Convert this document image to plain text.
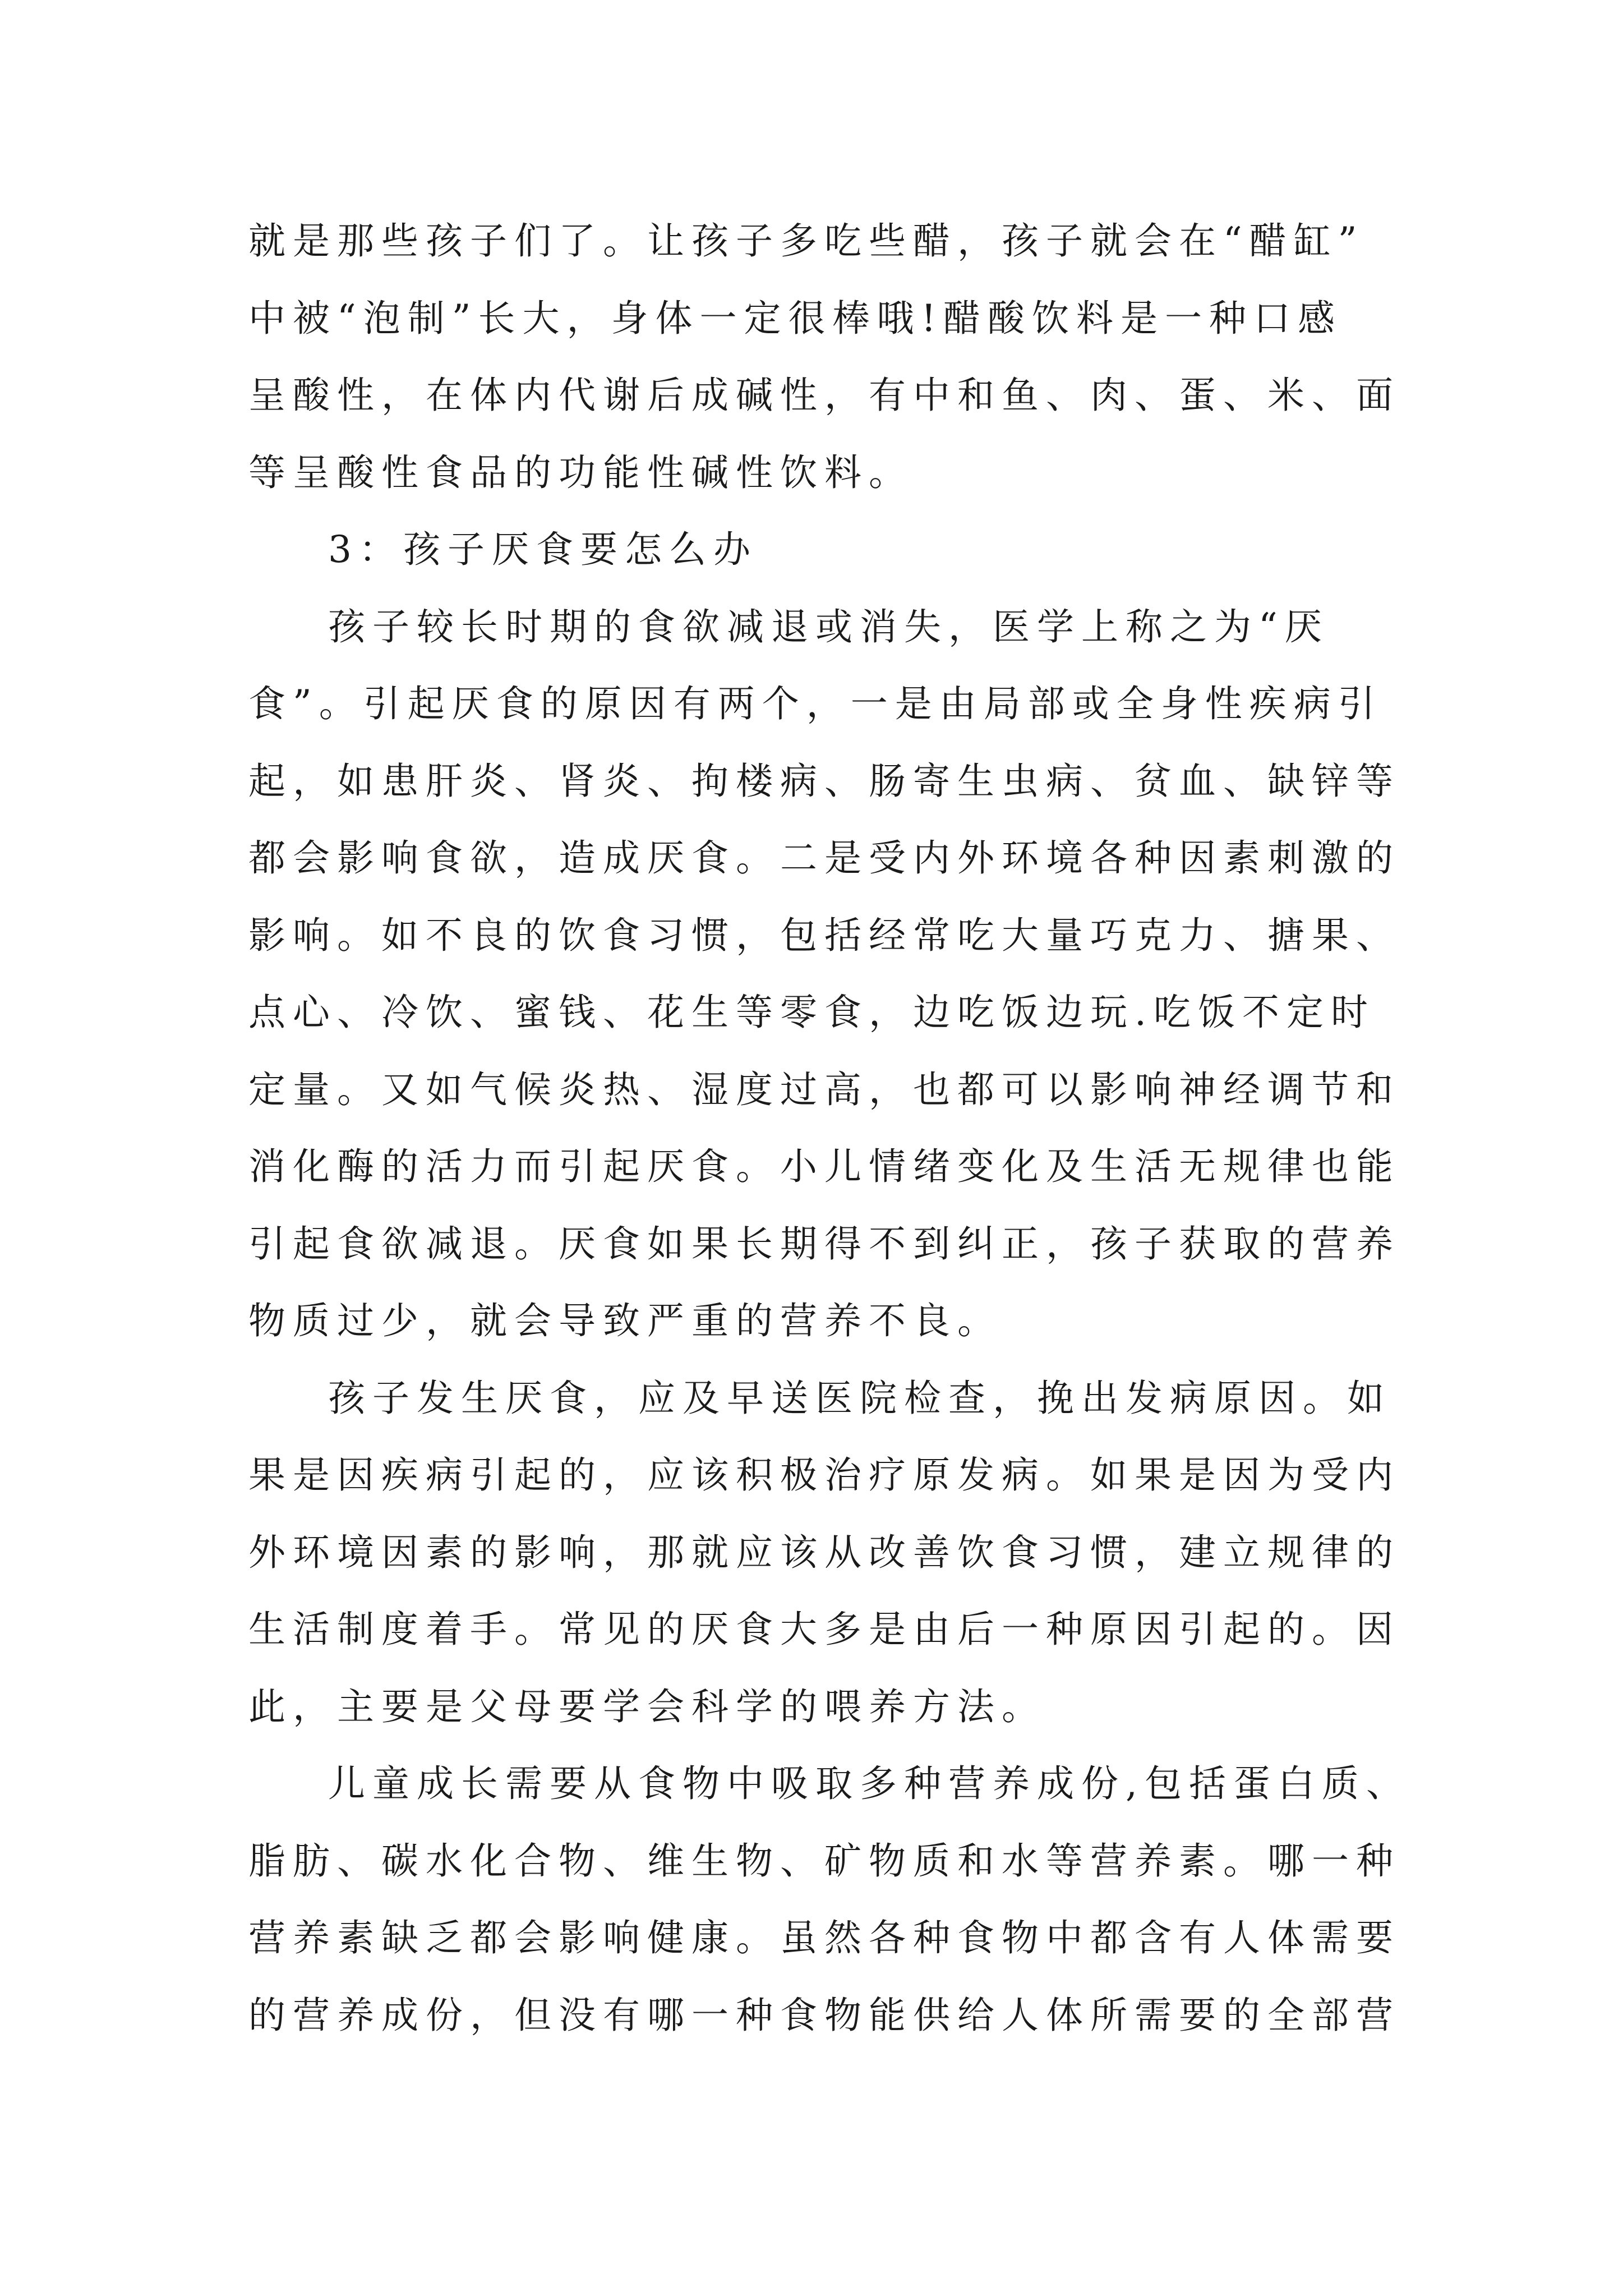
就是那些孩子们了。让孩子多吃些醋，孩子就会在“醋缸”
中被“泡制”长大，身体一定很棒哦!醋酸饮料是一种口感
呈酸性，在体内代谢后成碱性，有中和鱼、肉、蛋、米、面
等呈酸性食品的功能性碱性饮料。
3：孩子厌食要怎么办
孩子较长时期的食欲减退或消失，医学上称之为“厌
食”。引起厌食的原因有两个，一是由局部或全身性疾病引
起，如患肝炎、肾炎、拘楼病、肠寄生虫病、贫血、缺锌等
都会影响食欲，造成厌食。二是受内外环境各种因素刺激的
影响。如不良的饮食习惯，包括经常吃大量巧克力、搪果、
点心、冷饮、蜜钱、花生等零食，边吃饭边玩.吃饭不定时
定量。又如气候炎热、湿度过高，也都可以影响神经调节和
消化酶的活力而引起厌食。小儿情绪变化及生活无规律也能
引起食欲减退。厌食如果长期得不到纠正，孩子获取的营养
物质过少，就会导致严重的营养不良。
孩子发生厌食，应及早送医院检查，挽出发病原因。如
果是因疾病引起的，应该积极治疗原发病。如果是因为受内
外环境因素的影响，那就应该从改善饮食习惯，建立规律的
生活制度着手。常见的厌食大多是由后一种原因引起的。因
此，主要是父母要学会科学的喂养方法。
儿童成长需要从食物中吸取多种营养成份,包括蛋白质、
脂肪、碳水化合物、维生物、矿物质和水等营养素。哪一种
营养素缺乏都会影响健康。虽然各种食物中都含有人体需要
的营养成份，但没有哪一种食物能供给人体所需要的全部营
